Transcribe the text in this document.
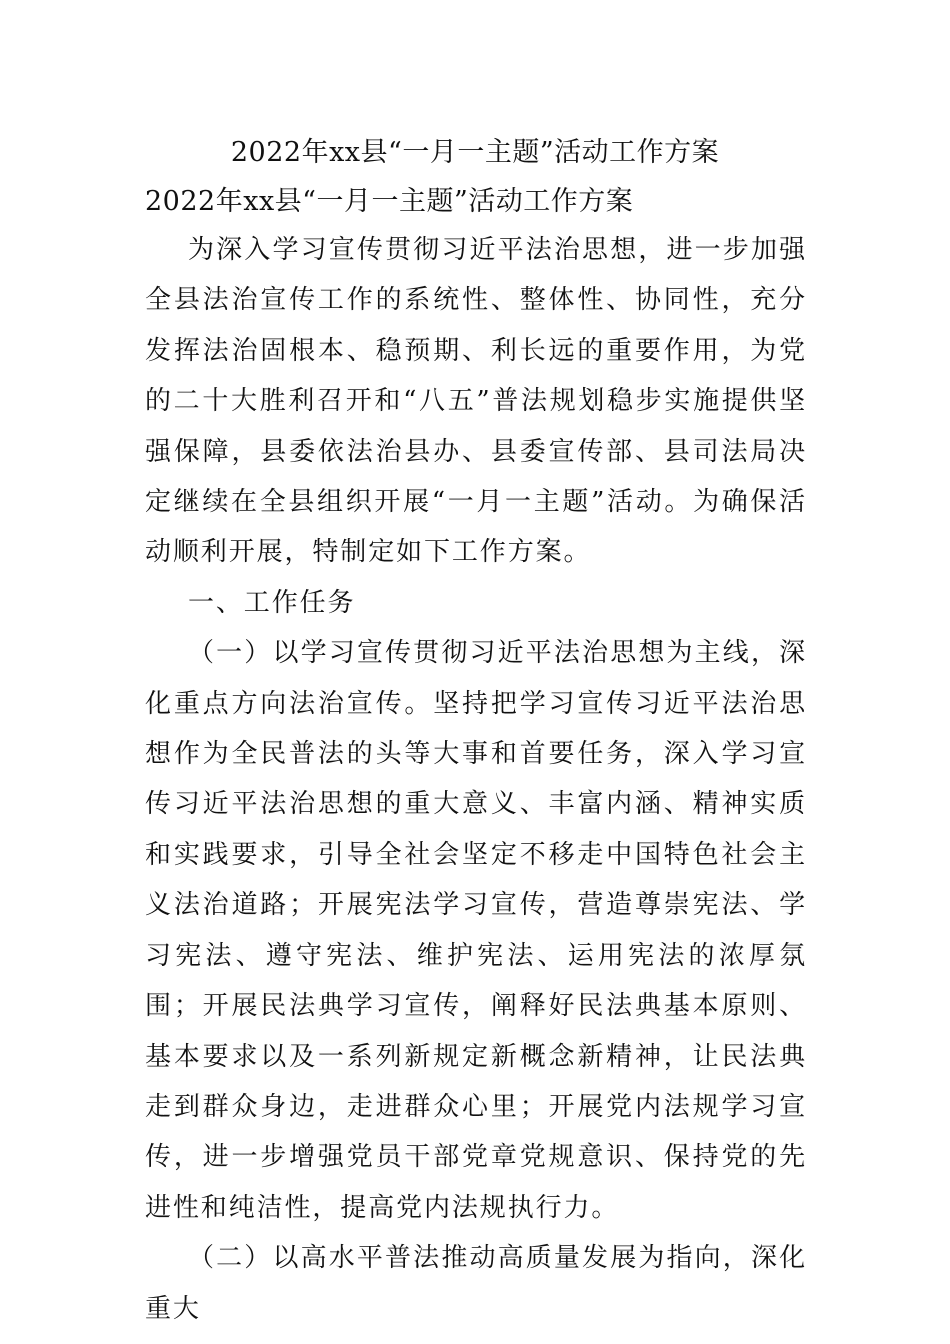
2022年xx县“一月一主题”活动工作方案
2022年xx县“一月一主题”活动工作方案

为深入学习宣传贯彻习近平法治思想，进一步加强全县法治宣传工作的系统性、整体性、协同性，充分发挥法治固根本、稳预期、利长远的重要作用，为党的二十大胜利召开和“八五”普法规划稳步实施提供坚强保障，县委依法治县办、县委宣传部、县司法局决定继续在全县组织开展“一月一主题”活动。为确保活动顺利开展，特制定如下工作方案。

一、工作任务

（一）以学习宣传贯彻习近平法治思想为主线，深化重点方向法治宣传。坚持把学习宣传习近平法治思想作为全民普法的头等大事和首要任务，深入学习宣传习近平法治思想的重大意义、丰富内涵、精神实质和实践要求，引导全社会坚定不移走中国特色社会主义法治道路；开展宪法学习宣传，营造尊崇宪法、学习宪法、遵守宪法、维护宪法、运用宪法的浓厚氛围；开展民法典学习宣传，阐释好民法典基本原则、基本要求以及一系列新规定新概念新精神，让民法典走到群众身边，走进群众心里；开展党内法规学习宣传，进一步增强党员干部党章党规意识、保持党的先进性和纯洁性，提高党内法规执行力。

（二）以高水平普法推动高质量发展为指向，深化重大
